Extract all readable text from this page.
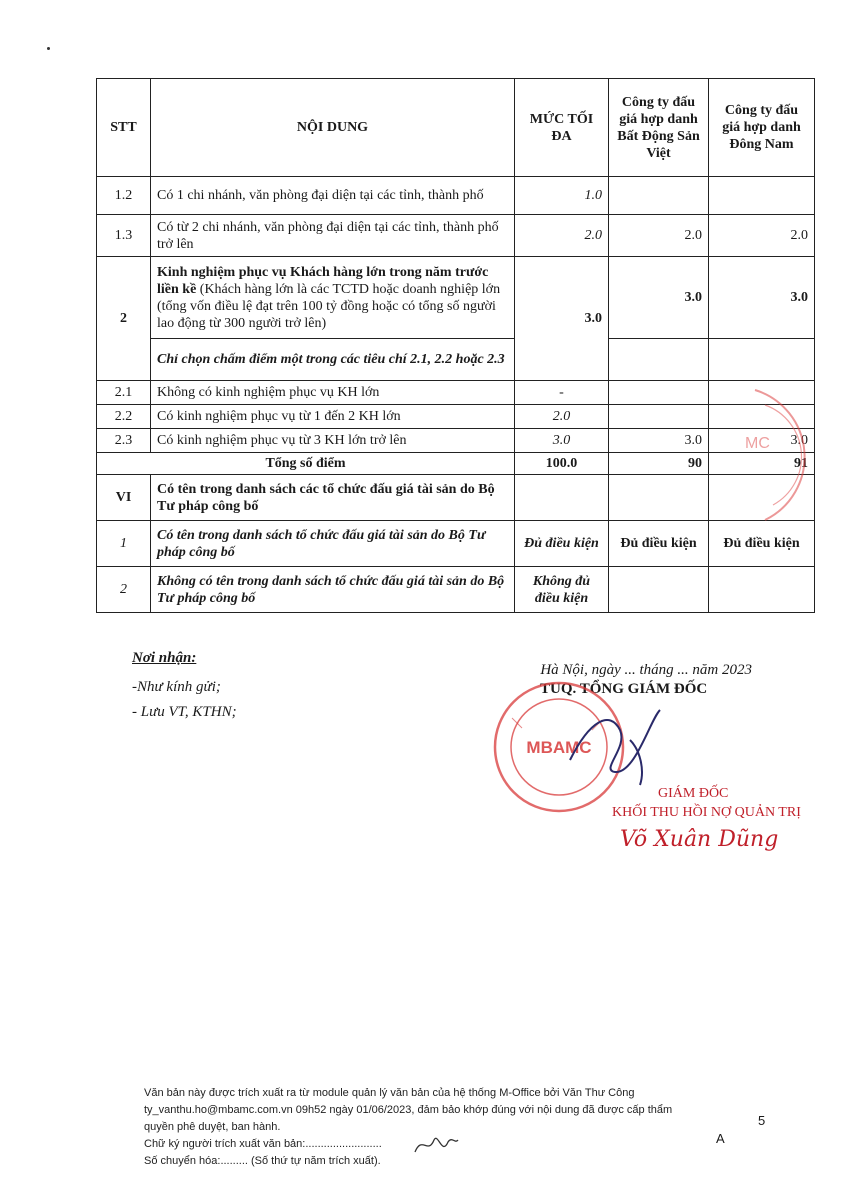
STT	NỘI DUNG	MỨC TỐI ĐA	Công ty đấu giá hợp danh Bất Động Sản Việt	Công ty đấu giá hợp danh Đông Nam
1.2	Có 1 chi nhánh, văn phòng đại diện tại các tỉnh, thành phố	1.0		
1.3	Có từ 2 chi nhánh, văn phòng đại diện tại các tỉnh, thành phố trở lên	2.0	2.0	2.0
2	Kinh nghiệm phục vụ Khách hàng lớn trong năm trước liền kề (Khách hàng lớn là các TCTD hoặc doanh nghiệp lớn (tổng vốn điều lệ đạt trên 100 tỷ đồng hoặc có tổng số người lao động từ 300 người trở lên)	3.0	3.0	3.0
	Chỉ chọn chấm điểm một trong các tiêu chí 2.1, 2.2 hoặc 2.3			
2.1	Không có kinh nghiệm phục vụ KH lớn	-		
2.2	Có kinh nghiệm phục vụ từ 1 đến 2 KH lớn	2.0		
2.3	Có kinh nghiệm phục vụ từ 3 KH lớn trở lên	3.0	3.0	3.0
Tổng số điểm		100.0	90	91
VI	Có tên trong danh sách các tổ chức đấu giá tài sản do Bộ Tư pháp công bố			
1	Có tên trong danh sách tổ chức đấu giá tài sản do Bộ Tư pháp công bố	Đủ điều kiện	Đủ điều kiện	Đủ điều kiện
2	Không có tên trong danh sách tổ chức đấu giá tài sản do Bộ Tư pháp công bố	Không đủ điều kiện		
MC
Nơi nhận:
-Như kính gửi;
- Lưu VT, KTHN;
Hà Nội, ngày ... tháng ... năm 2023
TUQ. TỔNG GIÁM ĐỐC
GIÁM ĐỐC
KHỐI THU HỒI NỢ QUẢN TRỊ
Võ Xuân Dũng
MBAMC
Văn bản này được trích xuất ra từ module quản lý văn bản của hệ thống M-Office bởi Văn Thư Công
ty_vanthu.ho@mbamc.com.vn 09h52 ngày 01/06/2023, đảm bảo khớp đúng với nội dung đã được cấp thẩm
quyền phê duyệt, ban hành.
Chữ ký người trích xuất văn bản:.........................
Số chuyển hóa:......... (Số thứ tự năm trích xuất).
5
A
